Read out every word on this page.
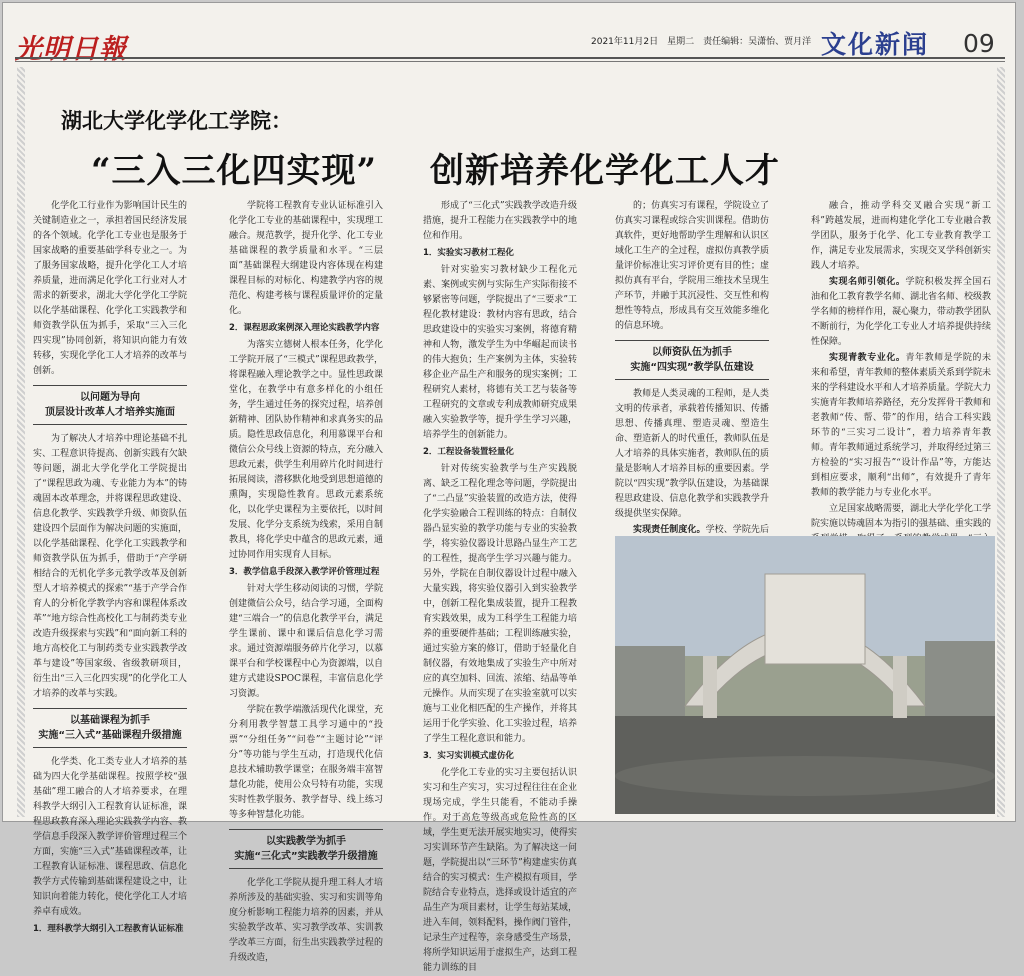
光明日報	2021年11月2日　星期二　责任编辑：吴潇怡、贾月洋 文化新闻 09
湖北大学化学化工学院：
“三入三化四实现” 创新培养化学化工人才

化学化工行业作为影响国计民生的关键制造业之一，承担着国民经济发展的各个领域。化学化工专业也是服务于国家战略的重要基础学科专业之一。为了服务国家战略，提升化学化工人才培养质量，进而满足化学化工行业对人才需求的新要求，湖北大学化学化工学院以化学基础课程、化学化工实践教学和师资教学队伍为抓手，采取“三入三化四实现”协同创新，将知识向能力有效转移，实现化学化工人才培养的改革与创新。

以问题为导向
顶层设计改革人才培养实施面

为了解决人才培养中理论基础不扎实、工程意识待提高、创新实践有欠缺等问题，湖北大学化学化工学院提出了“课程思政为魂、专业能力为本”的铸魂固本改革理念，并将课程思政建设、信息化教学、实践教学升级、师资队伍建设四个层面作为解决问题的实施面，以化学基础课程、化学化工实践教学和师资教学队伍为抓手，借助于“产学研相结合的无机化学多元教学改革及创新型人才培养模式的探索”“基于产学合作育人的分析化学教学内容和课程体系改革”“地方综合性高校化工与制药类专业改造升级探索与实践”和“面向新工科的地方高校化工与制药类专业实践教学改革与建设”等国家级、省级教研项目，衍生出“三入三化四实现”的化学化工人才培养的改革与实践。

以基础课程为抓手
实施“三入式”基础课程升级措施

化学类、化工类专业人才培养的基础为四大化学基础课程。按照学校“强基础”理工融合的人才培养要求，在理科教学大纲引入工程教育认证标准，课程思政教育深入理论实践教学内容、教学信息手段深入教学评价管理过程三个方面，实施“三入式”基础课程改革，让工程教育认证标准、课程思政、信息化教学方式传输到基础课程建设之中，让知识向着能力转化，使化学化工人才培养卓有成效。

1．理科教学大纲引入工程教育认证标准

学院将工程教育专业认证标准引入化学化工专业的基础课程中，实现理工融合。规范教学，提升化学、化工专业基础课程的教学质量和水平。“三层面”基础课程大纲建设内容体现在构建课程目标的对标化、构建教学内容的规范化、构建考核与课程质量评价的定量化。

2．课程思政案例深入理论实践教学内容

为落实立德树人根本任务，化学化工学院开展了“三模式”课程思政教学，将课程融入理论教学之中。显性思政课堂化，在教学中有意多样化的小组任务，学生通过任务的探究过程，培养创新精神、团队协作精神和求真务实的品质。隐性思政信息化，利用慕课平台和微信公众号线上资源的特点，充分融入思政元素，供学生利用碎片化时间进行拓展阅读，潜移默化地受到思想道德的熏陶，实现隐性教育。思政元素系统化，以化学史课程为主要依托，以时间发展、化学分支系统为线索，采用自制教具，将化学史中蕴含的思政元素，通过协同作用实现育人目标。

3．教学信息手段深入教学评价管理过程

针对大学生移动阅读的习惯，学院创建微信公众号，结合学习通，全面构建“三端合一”的信息化教学平台，满足学生课前、课中和课后信息化学习需求。通过资源端服务碎片化学习，以慕课平台和学校课程中心为资源端，以自建方式建设SPOC课程，丰富信息化学习资源。

学院在教学端激活现代化课堂，充分利用教学智慧工具学习通中的“投票”“分组任务”“问卷”“主题讨论”“评分”等功能与学生互动，打造现代化信息技术辅助教学课堂；在服务端丰富智慧化功能，使用公众号特有功能，实现实时性教学服务、教学督导、线上练习等多种智慧化功能。

以实践教学为抓手
实施“三化式”实践教学升级措施

化学化工学院从提升理工科人才培养所涉及的基础实验、实习和实训等角度分析影响工程能力培养的因素，并从实验教学改革、实习教学改革、实训教学改革三方面，衍生出实践教学过程的升级改造，

形成了“三化式”实践教学改造升级措施，提升工程能力在实践教学中的地位和作用。

1．实验实习教材工程化

针对实验实习教材缺少工程化元素、案例或实例与实际生产实际衔接不够紧密等问题，学院提出了“三要求”工程化教材建设：教材内容有思政，结合思政建设中的实验实习案例，将德育精神和人物，激发学生为中华崛起而读书的伟大抱负；生产案例为主体，实验转移企业产品生产和服务的现实案例；工程研究人素材，将德有关工艺与装备等工程研究的文章或专利成教师研究成果融入实验教学等，提升学生学习兴趣，培养学生的创新能力。

2．工程设备装置轻量化

针对传统实验教学与生产实践脱离、缺乏工程化理念等问题，学院提出了“二凸显”实验装置的改造方法，使得化学实验融合工程训练的特点：自制仪器凸显实验的教学功能与专业的实验教学，将实验仪器设计思路凸显生产工艺的工程性，提高学生学习兴趣与能力。另外，学院在自制仪器设计过程中融入大量实践，将实验仪器引入到实验教学中，创新工程化集成装置，提升工程教育实践效果，成为工科学生工程能力培养的重要硬件基础；工程训练融实验，通过实验方案的修订，借助于轻量化自制仪器，有效地集成了实验生产中所对应的真空加料、回流、浓缩、结晶等单元操作。从而实现了在实验室就可以实施与工业化相匹配的生产操作，并将其运用于化学实验、化工实验过程，培养了学生工程化意识和能力。

3．实习实训模式虚仿化

化学化工专业的实习主要包括认识实习和生产实习，实习过程往往在企业现场完成，学生只能看，不能动手操作。对于高危等级高或危险性高的区域，学生更无法开展实地实习，使得实习实训环节产生缺陷。为了解决这一问题，学院提出以“三环节”构建虚实仿真结合的实习模式：生产模拟有项目，学院结合专业特点，选择或设计适宜的产品生产为项目素材，让学生每站某域，进入车间，领料配料，操作阀门管件，记录生产过程等，亲身感受生产场景，将所学知识运用于虚拟生产，达到工程能力训练的目

的；仿真实习有课程，学院设立了仿真实习课程或综合实训课程。借助仿真软件，更好地帮助学生理解和认识区域化工生产的全过程，虚拟仿真教学质量评价标准让实习评价更有目的性；虚拟仿真有平台，学院用三维技术呈现生产环节，并融于其沉浸性、交互性和构想性等特点，形成具有交互效能多维化的信息环境。

以师资队伍为抓手
实施“四实现”教学队伍建设

教师是人类灵魂的工程师，是人类文明的传承者，承载着传播知识、传播思想、传播真理、塑造灵魂、塑造生命、塑造新人的时代重任，教师队伍是人才培养的具体实施者，教师队伍的质量是影响人才培养目标的重要因素。学院以“四实现”教学队伍建设，为基础课程思政建设、信息化教学和实践教学升级提供坚实保障。

实现责任制度化。学校、学院先后

融合，推动学科交叉融合实现“新工科”跨越发展，进而构建化学化工专业融合教学团队，服务于化学、化工专业教育教学工作，满足专业发展需求，实现交叉学科创新实践人才培养。

实现名师引领化。学院积极发挥全国石油和化工教育教学名师、湖北省名师、校级教学名师的榜样作用，凝心聚力，带动教学团队不断前行，为化学化工专业人才培养提供持续性保障。

实现青教专业化。青年教师是学院的未来和希望，青年教师的整体素质关系到学院未来的学科建设水平和人才培养质量。学院大力实施青年教师培养路径，充分发挥骨干教师和老教师“传、帮、带”的作用，结合工科实践环节的“三实习二设计”，着力培养青年教师。青年教师通过系统学习，并取得经过第三方检验的“实习报告”“设计作品”等，方能达到相应要求，顺利“出师”，有效提升了青年教师的教学能力与专业化水平。

立足国家战略需要，湖北大学化学化工学院实施以铸魂固本为指引的强基础、重实践的
